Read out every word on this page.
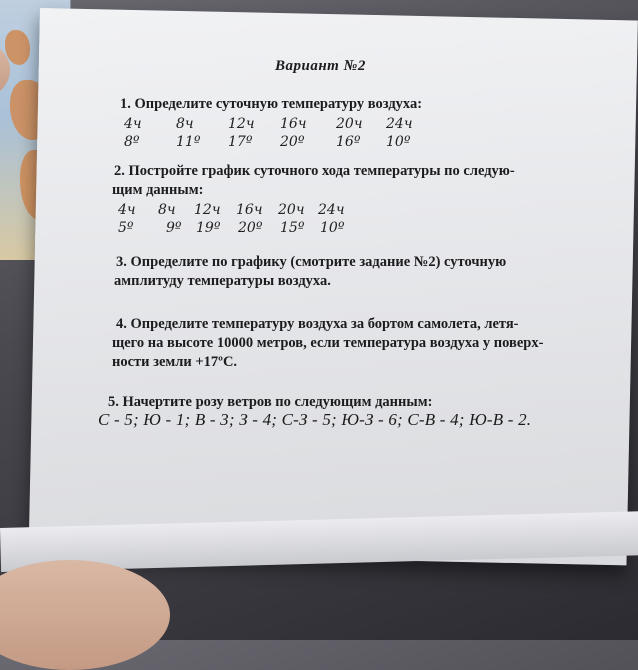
Вариант №2
1. Определите суточную температуру воздуха:
4ч 8ч 12ч 16ч 20ч 24ч
8º	11º 17º 20º 16º 10º
2. Постройте график суточного хода температуры по следую-
щим данным:
4ч 8ч 12ч 16ч 20ч 24ч
5º 9º 19º 20º 15º 10º
3. Определите по графику (смотрите задание №2) суточную
амплитуду температуры воздуха.
4. Определите температуру воздуха за бортом самолета, летя-
щего на высоте 10000 метров, если температура воздуха у поверх-
ности земли +17ºС.
5. Начертите розу ветров по следующим данным:
С - 5; Ю - 1; В - 3; З - 4; С-З - 5; Ю-З - 6; С-В - 4; Ю-В - 2.
